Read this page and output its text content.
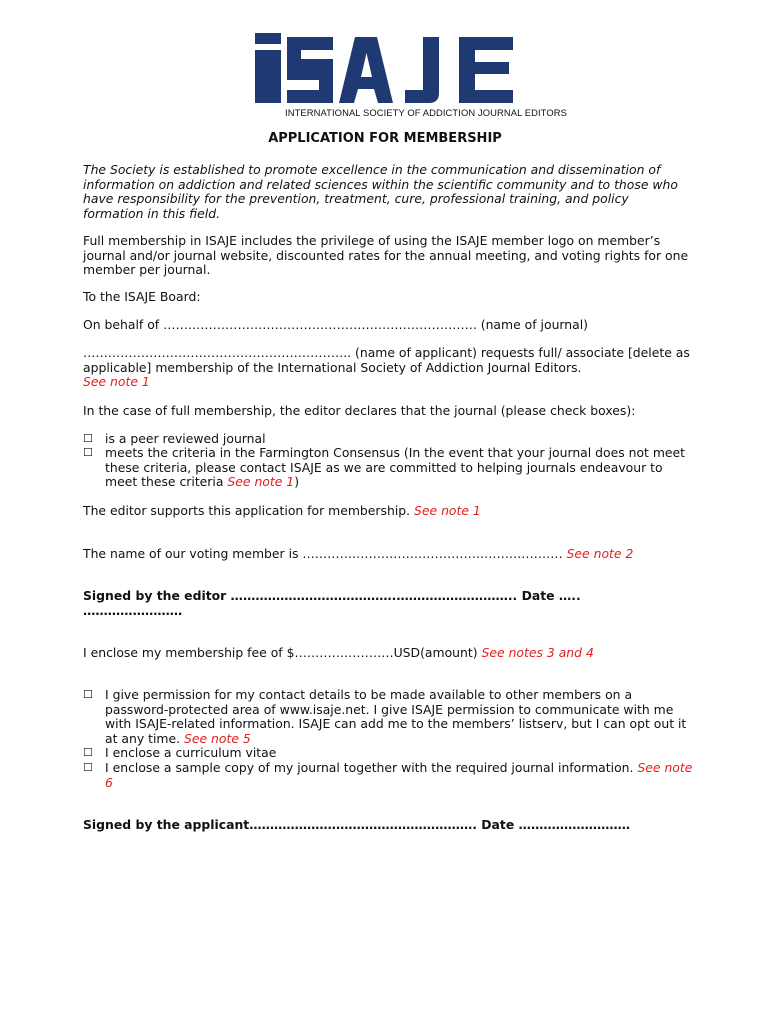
INTERNATIONAL SOCIETY OF ADDICTION JOURNAL EDITORS
APPLICATION FOR MEMBERSHIP
The Society is established to promote excellence in the communication and dissemination of information on addiction and related sciences within the scientific community and to those who have responsibility for the prevention, treatment, cure, professional training, and policy formation in this field.
Full membership in ISAJE includes the privilege of using the ISAJE member logo on member’s journal and/or journal website, discounted rates for the annual meeting, and voting rights for one member per journal.
To the ISAJE Board:
On behalf of …………………………………………………………………. (name of journal)
……………………………………………………….. (name of applicant) requests full/ associate [delete as applicable] membership of the International Society of Addiction Journal Editors.
See note 1
In the case of full membership, the editor declares that the journal (please check boxes):
☐ is a peer reviewed journal
☐ meets the criteria in the Farmington Consensus (In the event that your journal does not meet these criteria, please contact ISAJE as we are committed to helping journals endeavour to meet these criteria See note 1)
The editor supports this application for membership. See note 1
The name of our voting member is ……………………………………………………… See note 2
Signed by the editor ………………………………….……………………….. Date ….. ……………………
I enclose my membership fee of $……………………USD(amount) See notes 3 and 4
☐ I give permission for my contact details to be made available to other members on a password-protected area of www.isaje.net. I give ISAJE permission to communicate with me with ISAJE-related information. ISAJE can add me to the members’ listserv, but I can opt out it at any time. See note 5
☐ I enclose a curriculum vitae
☐ I enclose a sample copy of my journal together with the required journal information. See note 6
Signed by the applicant………………………………………………. Date ………………………
